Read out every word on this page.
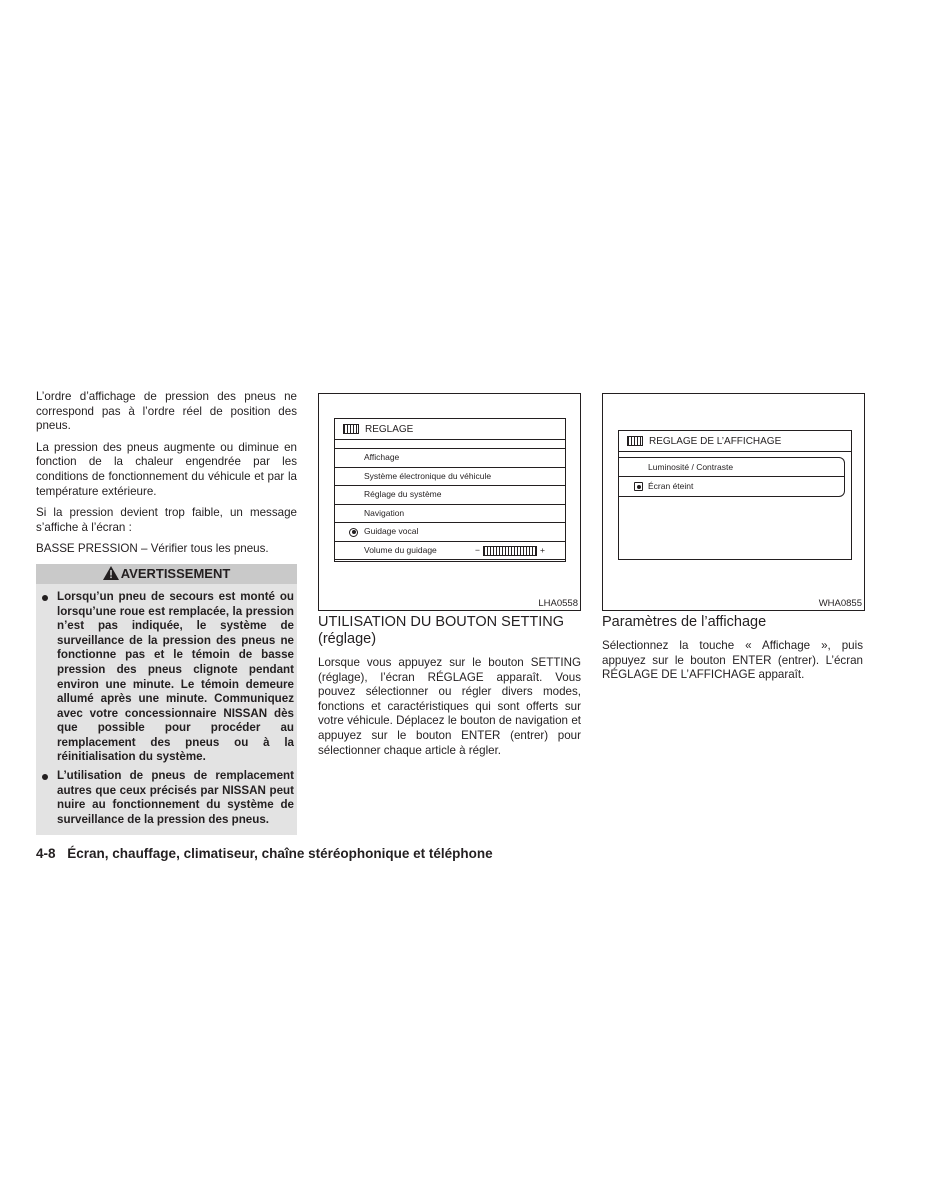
L’ordre d’affichage de pression des pneus ne correspond pas à l’ordre réel de position des pneus.

La pression des pneus augmente ou diminue en fonction de la chaleur engendrée par les conditions de fonctionnement du véhicule et par la température extérieure.

Si la pression devient trop faible, un message s’affiche à l’écran :

BASSE PRESSION – Vérifier tous les pneus.

AVERTISSEMENT
Lorsqu’un pneu de secours est monté ou lorsqu’une roue est remplacée, la pression n’est pas indiquée, le système de surveillance de la pression des pneus ne fonctionne pas et le témoin de basse pression des pneus clignote pendant environ une minute. Le témoin demeure allumé après une minute. Communiquez avec votre concessionnaire NISSAN dès que possible pour procéder au remplacement des pneus ou à la réinitialisation du système.
L’utilisation de pneus de remplacement autres que ceux précisés par NISSAN peut nuire au fonctionnement du système de surveillance de la pression des pneus.
REGLAGE
Affichage
Système électronique du véhicule
Réglage du système
Navigation
Guidage vocal
Volume du guidage	−	+
LHA0558
UTILISATION DU BOUTON SETTING (réglage)

Lorsque vous appuyez sur le bouton SETTING (réglage), l’écran RÉGLAGE apparaît. Vous pouvez sélectionner ou régler divers modes, fonctions et caractéristiques qui sont offerts sur votre véhicule. Déplacez le bouton de navigation et appuyez sur le bouton ENTER (entrer) pour sélectionner chaque article à régler.

REGLAGE DE L’AFFICHAGE
Luminosité / Contraste
Écran éteint
WHA0855
Paramètres de l’affichage

Sélectionnez la touche « Affichage », puis appuyez sur le bouton ENTER (entrer). L’écran RÉGLAGE DE L’AFFICHAGE apparaît.

4-8 Écran, chauffage, climatiseur, chaîne stéréophonique et téléphone
